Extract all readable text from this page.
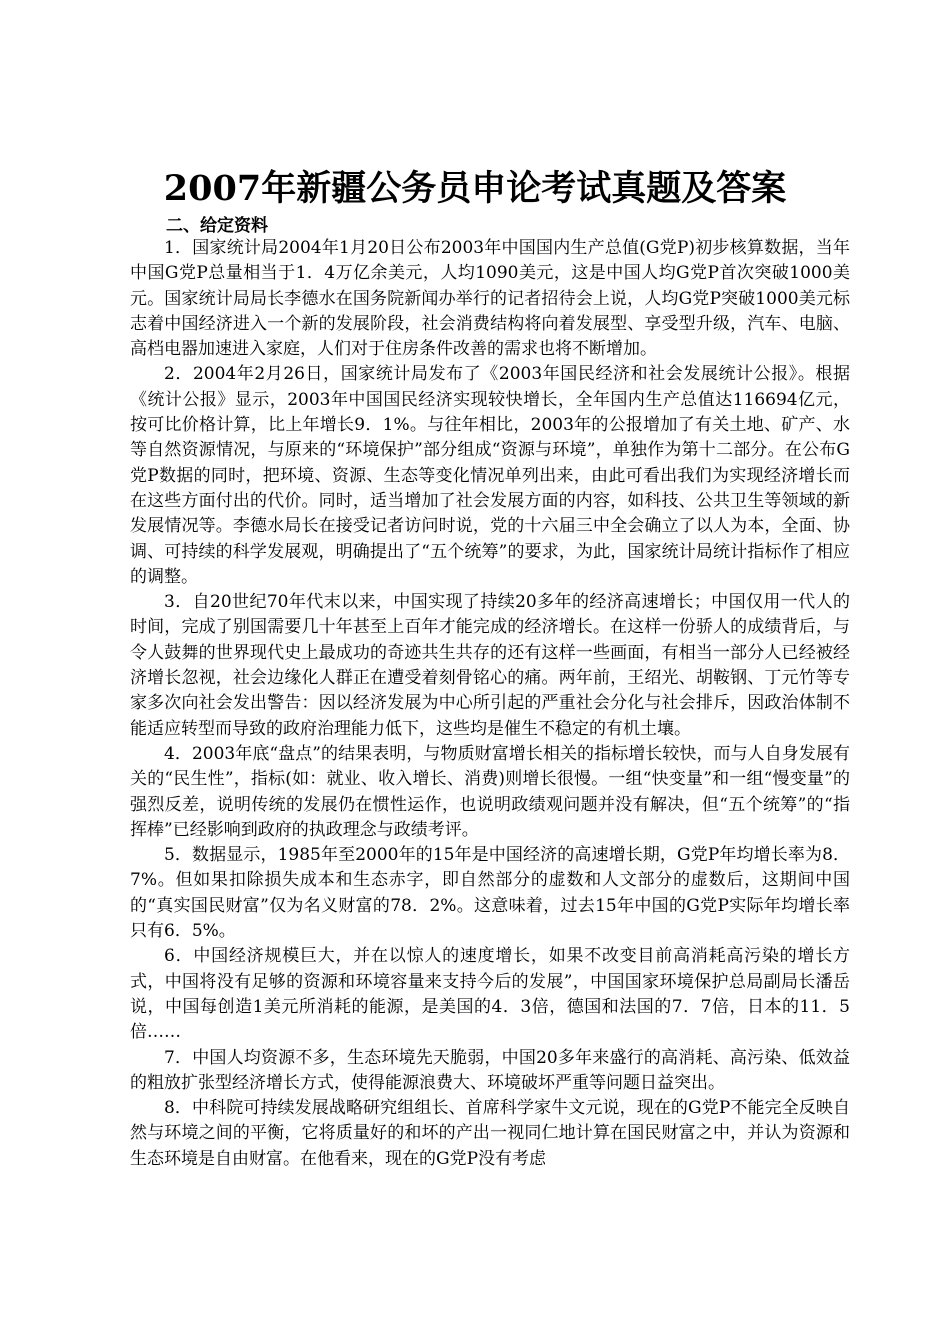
2007年新疆公务员申论考试真题及答案
二、给定资料

1．国家统计局2004年1月20日公布2003年中国国内生产总值(G党P)初步核算数据，当年中国G党P总量相当于1．4万亿余美元，人均1090美元，这是中国人均G党P首次突破1000美元。国家统计局局长李德水在国务院新闻办举行的记者招待会上说，人均G党P突破1000美元标志着中国经济进入一个新的发展阶段，社会消费结构将向着发展型、享受型升级，汽车、电脑、高档电器加速进入家庭，人们对于住房条件改善的需求也将不断增加。

2．2004年2月26日，国家统计局发布了《2003年国民经济和社会发展统计公报》。根据《统计公报》显示，2003年中国国民经济实现较快增长，全年国内生产总值达116694亿元，按可比价格计算，比上年增长9．1%。与往年相比，2003年的公报增加了有关土地、矿产、水等自然资源情况，与原来的“环境保护”部分组成“资源与环境”，单独作为第十二部分。在公布G党P数据的同时，把环境、资源、生态等变化情况单列出来，由此可看出我们为实现经济增长而在这些方面付出的代价。同时，适当增加了社会发展方面的内容，如科技、公共卫生等领域的新发展情况等。李德水局长在接受记者访问时说，党的十六届三中全会确立了以人为本，全面、协调、可持续的科学发展观，明确提出了“五个统筹”的要求，为此，国家统计局统计指标作了相应的调整。

3．自20世纪70年代末以来，中国实现了持续20多年的经济高速增长；中国仅用一代人的时间，完成了别国需要几十年甚至上百年才能完成的经济增长。在这样一份骄人的成绩背后，与令人鼓舞的世界现代史上最成功的奇迹共生共存的还有这样一些画面，有相当一部分人已经被经济增长忽视，社会边缘化人群正在遭受着刻骨铭心的痛。两年前，王绍光、胡鞍钢、丁元竹等专家多次向社会发出警告：因以经济发展为中心所引起的严重社会分化与社会排斥，因政治体制不能适应转型而导致的政府治理能力低下，这些均是催生不稳定的有机土壤。

4．2003年底“盘点”的结果表明，与物质财富增长相关的指标增长较快，而与人自身发展有关的“民生性”，指标(如：就业、收入增长、消费)则增长很慢。一组“快变量”和一组“慢变量”的强烈反差，说明传统的发展仍在惯性运作，也说明政绩观问题并没有解决，但“五个统筹”的“指挥棒”已经影响到政府的执政理念与政绩考评。

5．数据显示，1985年至2000年的15年是中国经济的高速增长期，G党P年均增长率为8．7%。但如果扣除损失成本和生态赤字，即自然部分的虚数和人文部分的虚数后，这期间中国的“真实国民财富”仅为名义财富的78．2%。这意味着，过去15年中国的G党P实际年均增长率只有6．5%。

6．中国经济规模巨大，并在以惊人的速度增长，如果不改变目前高消耗高污染的增长方式，中国将没有足够的资源和环境容量来支持今后的发展”，中国国家环境保护总局副局长潘岳说，中国每创造1美元所消耗的能源，是美国的4．3倍，德国和法国的7．7倍，日本的11．5倍……

7．中国人均资源不多，生态环境先天脆弱，中国20多年来盛行的高消耗、高污染、低效益的粗放扩张型经济增长方式，使得能源浪费大、环境破坏严重等问题日益突出。

8．中科院可持续发展战略研究组组长、首席科学家牛文元说，现在的G党P不能完全反映自然与环境之间的平衡，它将质量好的和坏的产出一视同仁地计算在国民财富之中，并认为资源和生态环境是自由财富。在他看来，现在的G党P没有考虑
